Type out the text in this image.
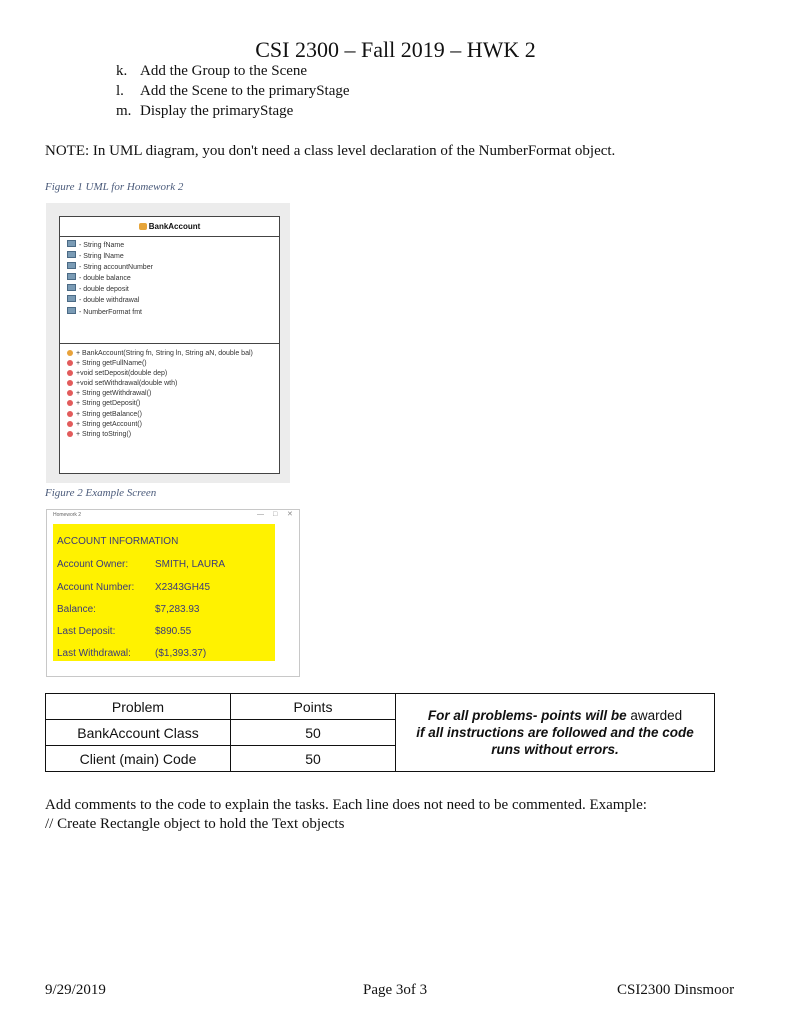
CSI 2300 – Fall 2019 – HWK 2
k. Add the Group to the Scene
l. Add the Scene to the primaryStage
m. Display the primaryStage
NOTE: In UML diagram, you don't need a class level declaration of the NumberFormat object.
Figure 1 UML for Homework 2
BankAccount
- String fName
- String lName
- String accountNumber
- double balance
- double deposit
- double withdrawal
- NumberFormat fmt
+ BankAccount(String fn, String ln, String aN, double bal)
+ String getFullName()
+void setDeposit(double dep)
+void setWithdrawal(double wth)
+ String getWithdrawal()
+ String getDeposit()
+ String getBalance()
+ String getAccount()
+ String toString()
Figure 2 Example Screen
Homework 2	— □ ✕
ACCOUNT INFORMATION
Account Owner:	SMITH, LAURA
Account Number: X2343GH45
Balance:	$7,283.93
Last Deposit:	$890.55
Last Withdrawal: ($1,393.37)
Problem	Points	For all problems- points will be awarded
if all instructions are followed and the code runs without errors.
BankAccount Class	50	
Client (main) Code	50	
Add comments to the code to explain the tasks. Each line does not need to be commented. Example:
// Create Rectangle object to hold the Text objects
9/29/2019	Page 3of 3	CSI2300 Dinsmoor
